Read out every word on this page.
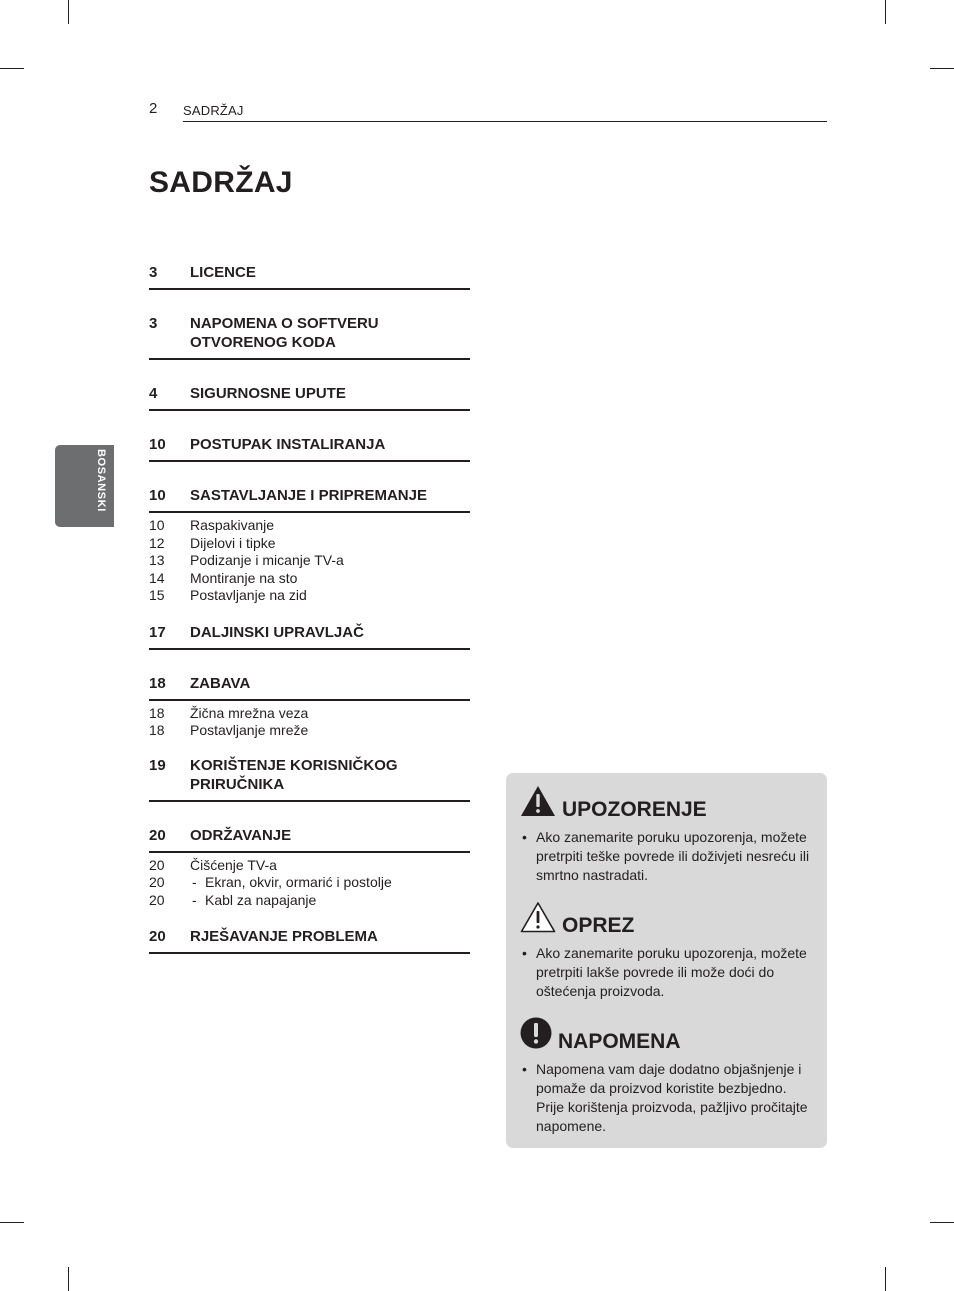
2 SADRŽAJ
SADRŽAJ
BOSANSKI
3	LICENCE
3	NAPOMENA O SOFTVERU OTVORENOG KODA
4	SIGURNOSNE UPUTE
10	POSTUPAK INSTALIRANJA
10	SASTAVLJANJE I PRIPREMANJE
10	Raspakivanje
12	Dijelovi i tipke
13	Podizanje i micanje TV-a
14	Montiranje na sto
15	Postavljanje na zid
17	DALJINSKI UPRAVLJAČ
18	ZABAVA
18	Žična mrežna veza
18	Postavljanje mreže
19	KORIŠTENJE KORISNIČKOG PRIRUČNIKA
20	ODRŽAVANJE
20	Čišćenje TV-a
20	- Ekran, okvir, ormarić i postolje
20	- Kabl za napajanje
20	RJEŠAVANJE PROBLEMA
UPOZORENJE
• Ako zanemarite poruku upozorenja, možete pretrpiti teške povrede ili doživjeti nesreću ili smrtno nastradati.
OPREZ
• Ako zanemarite poruku upozorenja, možete pretrpiti lakše povrede ili može doći do oštećenja proizvoda.
NAPOMENA
• Napomena vam daje dodatno objašnjenje i pomaže da proizvod koristite bezbjedno. Prije korištenja proizvoda, pažljivo pročitajte napomene.
